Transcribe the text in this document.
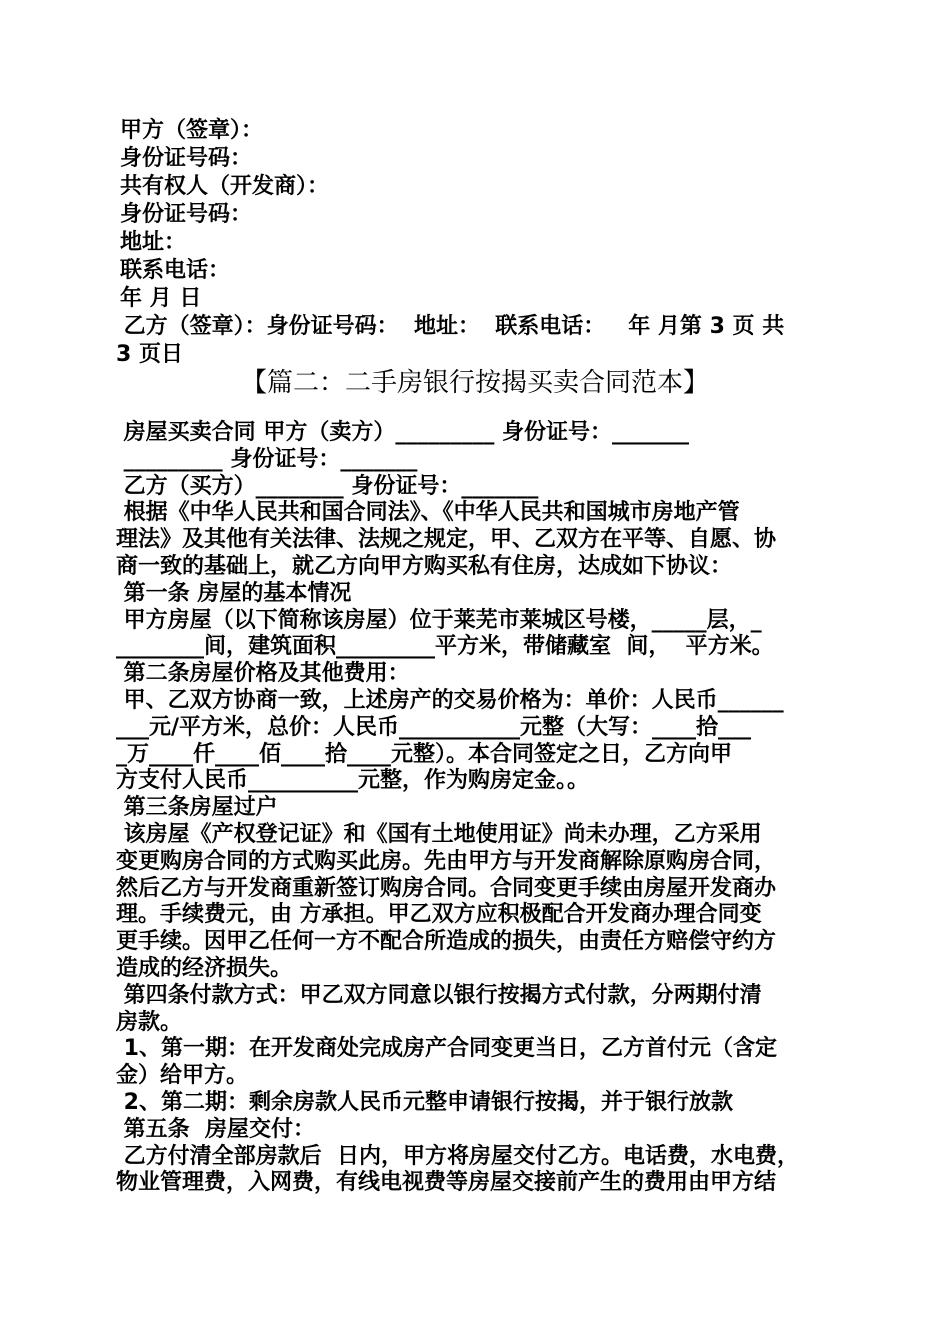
甲方（签章）：
身份证号码：
共有权人（开发商）：
身份证号码：
地址：
联系电话：
年 月 日
乙方（签章）：身份证号码：  地址：  联系电话：   年 月第 3 页 共
3 页日
【篇二：二手房银行按揭买卖合同范本】
房屋买卖合同 甲方（卖方）_________ 身份证号：_______
_________ 身份证号：_______
乙方（买方）________ 身份证号：_______
根据《中华人民共和国合同法》、《中华人民共和国城市房地产管
理法》及其他有关法律、法规之规定，甲、乙双方在平等、自愿、协
商一致的基础上，就乙方向甲方购买私有住房，达成如下协议：
第一条 房屋的基本情况
甲方房屋（以下简称该房屋）位于莱芜市莱城区号楼，_____层，_
________间，建筑面积_________平方米，带储藏室  间，  平方米。
第二条房屋价格及其他费用：
甲、乙双方协商一致，上述房产的交易价格为：单价：人民币______
___元/平方米，总价：人民币___________元整（大写：____拾___
_万____仟____佰____拾____元整）。本合同签定之日，乙方向甲
方支付人民币__________元整，作为购房定金。。
第三条房屋过户
该房屋《产权登记证》和《国有土地使用证》尚未办理，乙方采用
变更购房合同的方式购买此房。先由甲方与开发商解除原购房合同，
然后乙方与开发商重新签订购房合同。合同变更手续由房屋开发商办
理。手续费元，由 方承担。甲乙双方应积极配合开发商办理合同变
更手续。因甲乙任何一方不配合所造成的损失，由责任方赔偿守约方
造成的经济损失。
第四条付款方式：甲乙双方同意以银行按揭方式付款，分两期付清
房款。
1、第一期：在开发商处完成房产合同变更当日，乙方首付元（含定
金）给甲方。
2、第二期：剩余房款人民币元整申请银行按揭，并于银行放款
第五条  房屋交付：
乙方付清全部房款后  日内，甲方将房屋交付乙方。电话费，水电费，
物业管理费，入网费，有线电视费等房屋交接前产生的费用由甲方结
